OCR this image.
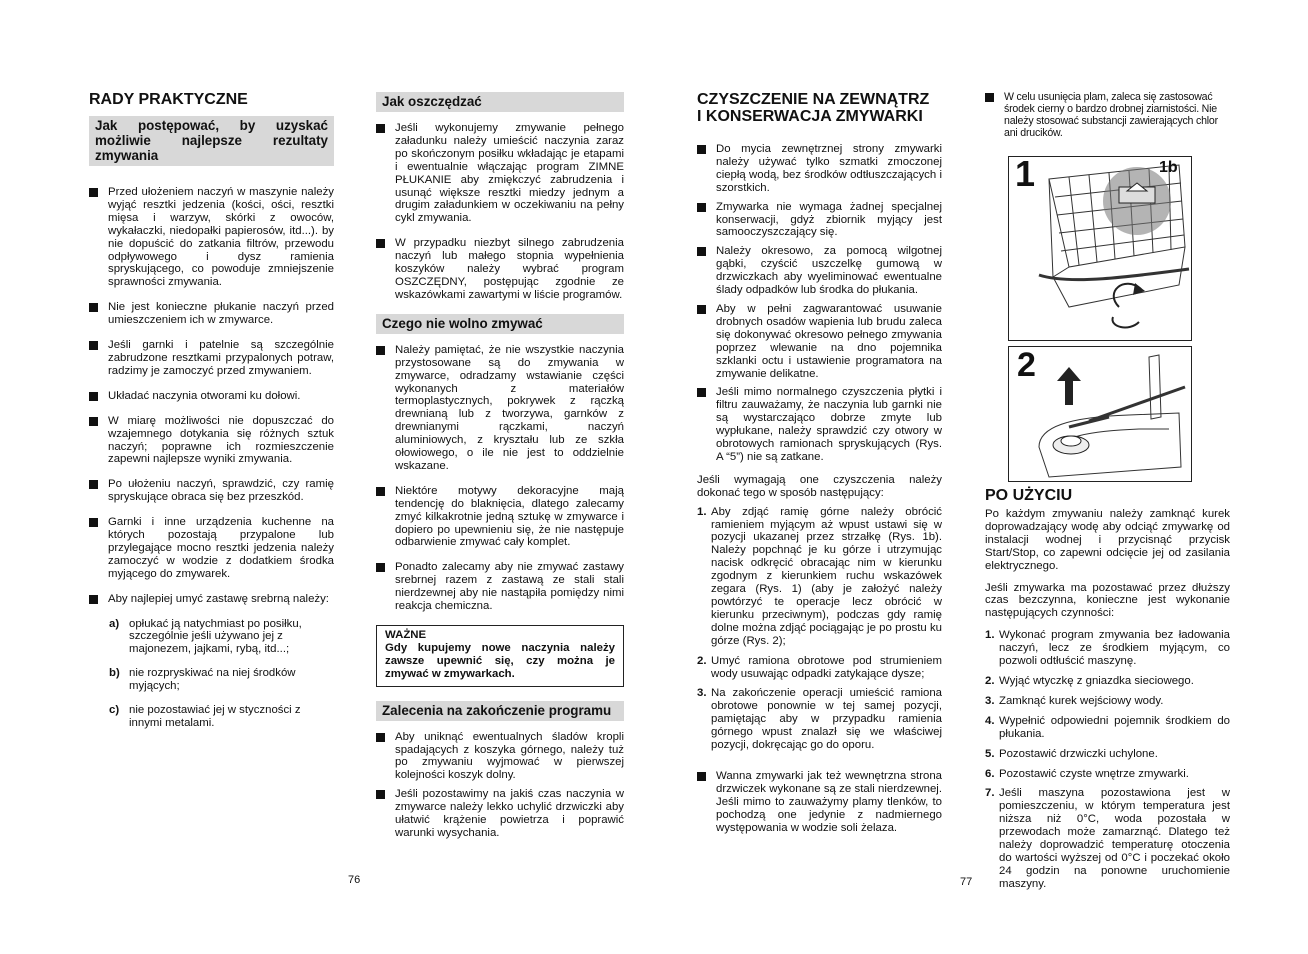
RADY PRAKTYCZNE
Jak postępować, by uzyskać możliwie najlepsze rezultaty zmywania
Przed ułożeniem naczyń w maszynie należy wyjąć resztki jedzenia (kości, ości, resztki mięsa i warzyw, skórki z owoców, wykałaczki, niedopałki papierosów, itd...). by nie dopuścić do zatkania filtrów, przewodu odpływowego i dysz ramienia spryskującego, co powoduje zmniejszenie sprawności zmywania.
Nie jest konieczne płukanie naczyń przed umieszczeniem ich w zmywarce.
Jeśli garnki i patelnie są szczególnie zabrudzone resztkami przypalonych potraw, radzimy je zamoczyć przed zmywaniem.
Układać naczynia otworami ku dołowi.
W miarę możliwości nie dopuszczać do wzajemnego dotykania się różnych sztuk naczyń; poprawne ich rozmieszczenie zapewni najlepsze wyniki zmywania.
Po ułożeniu naczyń, sprawdzić, czy ramię spryskujące obraca się bez przeszkód.
Garnki i inne urządzenia kuchenne na których pozostają przypalone lub przylegające mocno resztki jedzenia należy zamoczyć w wodzie z dodatkiem środka myjącego do zmywarek.
Aby najlepiej umyć zastawę srebrną należy:
a) opłukać ją natychmiast po posiłku, szczególnie jeśli używano jej z majonezem, jajkami, rybą, itd...;
b) nie rozpryskiwać na niej środków myjących;
c) nie pozostawiać jej w styczności z innymi metalami.
Jak oszczędzać
Jeśli wykonujemy zmywanie pełnego załadunku należy umieścić naczynia zaraz po skończonym posiłku wkładając je etapami i ewentualnie włączając program ZIMNE PŁUKANIE aby zmiękczyć zabrudzenia i usunąć większe resztki miedzy jednym a drugim załadunkiem w oczekiwaniu na pełny cykl zmywania.
W przypadku niezbyt silnego zabrudzenia naczyń lub małego stopnia wypełnienia koszyków należy wybrać program OSZCZĘDNY, postępując zgodnie ze wskazówkami zawartymi w liście programów.
Czego nie wolno zmywać
Należy pamiętać, że nie wszystkie naczynia przystosowane są do zmywania w zmywarce, odradzamy wstawianie części wykonanych z materiałów termoplastycznych, pokrywek z rączką drewnianą lub z tworzywa, garnków z drewnianymi rączkami, naczyń aluminiowych, z kryształu lub ze szkła ołowiowego, o ile nie jest to oddzielnie wskazane.
Niektóre motywy dekoracyjne mają tendencję do blaknięcia, dlatego zalecamy zmyć kilkakrotnie jedną sztukę w zmywarce i dopiero po upewnieniu się, że nie następuje odbarwienie zmywać cały komplet.
Ponadto zalecamy aby nie zmywać zastawy srebrnej razem z zastawą ze stali stali nierdzewnej aby nie nastąpiła pomiędzy nimi reakcja chemiczna.
WAŻNE
Gdy kupujemy nowe naczynia należy zawsze upewnić się, czy można je zmywać w zmywarkach.
Zalecenia na zakończenie programu
Aby uniknąć ewentualnych śladów kropli spadających z koszyka górnego, należy tuż po zmywaniu wyjmować w pierwszej kolejności koszyk dolny.
Jeśli pozostawimy na jakiś czas naczynia w zmywarce należy lekko uchylić drzwiczki aby ułatwić krążenie powietrza i poprawić warunki wysychania.
76
CZYSZCZENIE NA ZEWNĄTRZ
I KONSERWACJA ZMYWARKI
Do mycia zewnętrznej strony zmywarki należy używać tylko szmatki zmoczonej ciepłą wodą, bez środków odtłuszczających i szorstkich.
Zmywarka nie wymaga żadnej specjalnej konserwacji, gdyż zbiornik myjący jest samooczyszczający się.
Należy okresowo, za pomocą wilgotnej gąbki, czyścić uszczelkę gumową w drzwiczkach aby wyeliminować ewentualne ślady odpadków lub środka do płukania.
Aby w pełni zagwarantować usuwanie drobnych osadów wapienia lub brudu zaleca się dokonywać okresowo pełnego zmywania poprzez wlewanie na dno pojemnika szklanki octu i ustawienie programatora na zmywanie delikatne.
Jeśli mimo normalnego czyszczenia płytki i filtru zauważamy, że naczynia lub garnki nie są wystarczająco dobrze zmyte lub wypłukane, należy sprawdzić czy otwory w obrotowych ramionach spryskujących (Rys. A “5”) nie są zatkane.
Jeśli wymagają one czyszczenia należy dokonać tego w sposób następujący:
1. Aby zdjąć ramię górne należy obrócić ramieniem myjącym aż wpust ustawi się w pozycji ukazanej przez strzałkę (Rys. 1b). Należy popchnąć je ku górze i utrzymując nacisk odkręcić obracając nim w kierunku zgodnym z kierunkiem ruchu wskazówek zegara (Rys. 1) (aby je założyć należy powtórzyć te operacje lecz obrócić w kierunku przeciwnym), podczas gdy ramię dolne można zdjąć pociągając je po prostu ku górze (Rys. 2);
2. Umyć ramiona obrotowe pod strumieniem wody usuwając odpadki zatykające dysze;
3. Na zakończenie operacji umieścić ramiona obrotowe ponownie w tej samej pozycji, pamiętając aby w przypadku ramienia górnego wpust znalazł się we właściwej pozycji, dokręcając go do oporu.
Wanna zmywarki jak też wewnętrzna strona drzwiczek wykonane są ze stali nierdzewnej. Jeśli mimo to zauważymy plamy tlenków, to pochodzą one jedynie z nadmiernego występowania w wodzie soli żelaza.
W celu usunięcia plam, zaleca się zastosować środek cierny o bardzo drobnej ziarnistości. Nie należy stosować substancji zawierających chlor ani drucików.
1	1b
2
PO UŻYCIU
Po każdym zmywaniu należy zamknąć kurek doprowadzający wodę aby odciąć zmywarkę od instalacji wodnej i przycisnąć przycisk Start/Stop, co zapewni odcięcie jej od zasilania elektrycznego.
Jeśli zmywarka ma pozostawać przez dłuższy czas bezczynna, konieczne jest wykonanie następujących czynności:
1. Wykonać program zmywania bez ładowania naczyń, lecz ze środkiem myjącym, co pozwoli odtłuścić maszynę.
2. Wyjąć wtyczkę z gniazdka sieciowego.
3. Zamknąć kurek wejściowy wody.
4. Wypełnić odpowiedni pojemnik środkiem do płukania.
5. Pozostawić drzwiczki uchylone.
6. Pozostawić czyste wnętrze zmywarki.
7. Jeśli maszyna pozostawiona jest w pomieszczeniu, w którym temperatura jest niższa niż 0°C, woda pozostała w przewodach może zamarznąć. Dlatego też należy doprowadzić temperaturę otoczenia do wartości wyższej od 0°C i poczekać około 24 godzin na ponowne uruchomienie maszyny.
77
